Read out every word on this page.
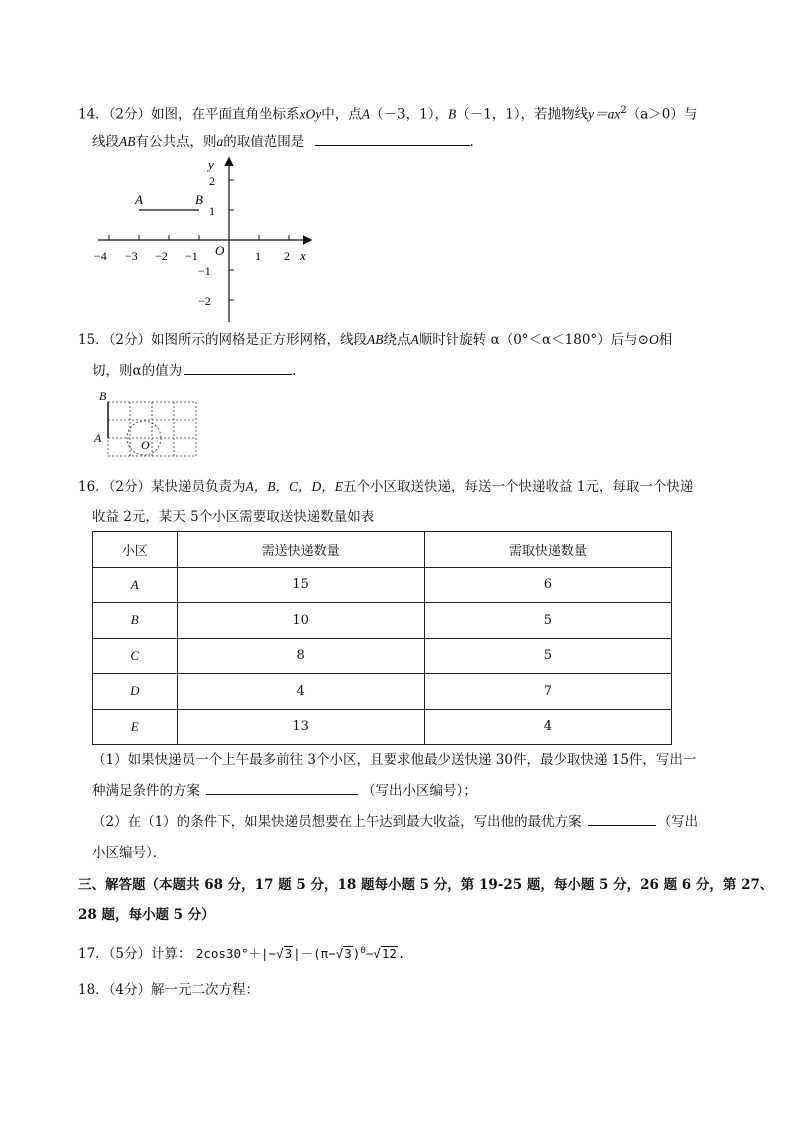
14．（2分）如图，在平面直角坐标系xOy中，点A（－3，1），B（－1，1），若抛物线$y=ax^2(a>0)$与
线段AB有公共点，则a的取值范围是	．
A	B
y
x
O
−4 −3 −2 −1	1 2
2
1
−1
−2
15．（2分）如图所示的网格是正方形网格，线段AB绕点A顺时针旋转 α（0°＜α＜180°）后与⊙O相
切，则α的值为	．
B
A	O
16．（2分）某快递员负责为A，B，C，D，E五个小区取送快递，每送一个快递收益 1元，每取一个快递
收益 2元，某天 5个小区需要取送快递数量如表
小区	需送快递数量	需取快递数量
A	15	6
B	10	5
C	8	5
D	4	7
E	13	4
（1）如果快递员一个上午最多前往 3个小区，且要求他最少送快递 30件，最少取快递 15件，写出一
种满足条件的方案	（写出小区编号）；
（2）在（1）的条件下，如果快递员想要在上午达到最大收益，写出他的最优方案	（写出
小区编号）．
三、解答题（本题共 68 分，17 题 5 分，18 题每小题 5 分，第 19-25 题，每小题 5 分，26 题 6 分，第 27、
28 题，每小题 5 分）
17．（5分）计算： $2\cos 30^\circ+|-√3|-(\pi-√3)^0-√12$.
18．（4分）解一元二次方程：
